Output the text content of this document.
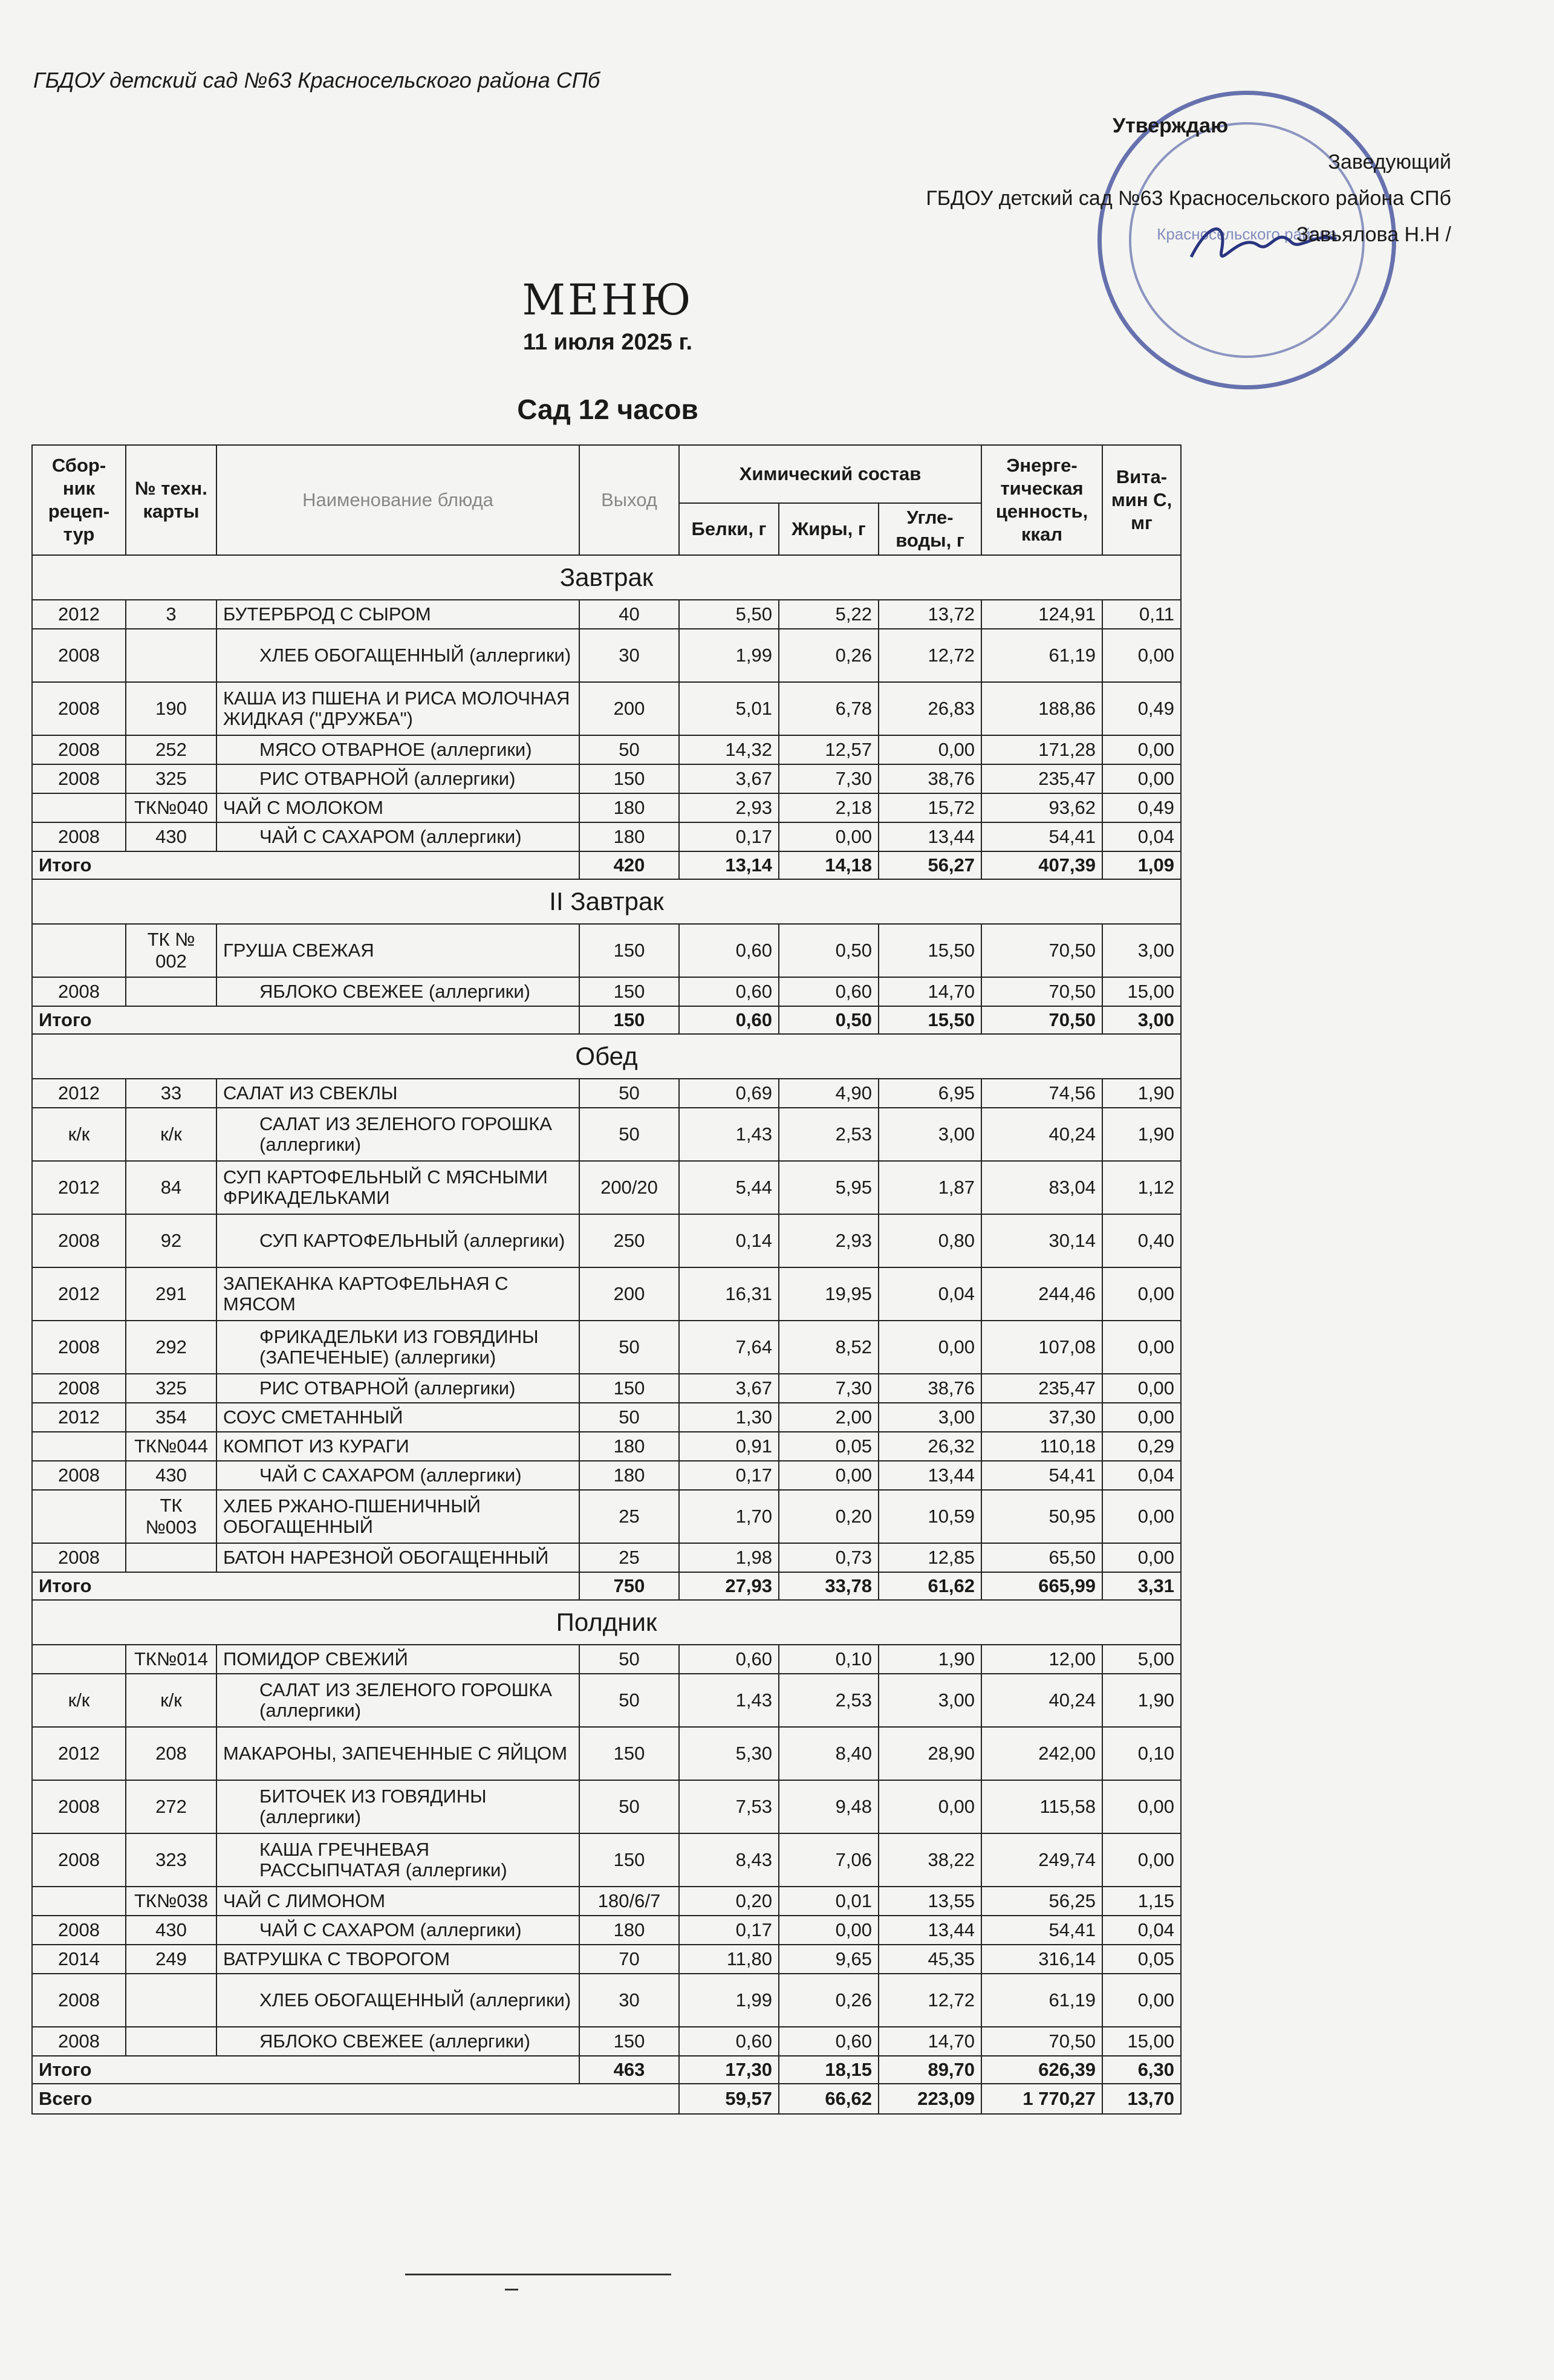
ГБДОУ детский сад №63 Красносельского района СПб
Красносельского района
Утверждаю
Заведующий
ГБДОУ детский сад №63 Красносельского района СПб
Завьялова Н.Н /
МЕНЮ
11 июля 2025 г.
Сад 12 часов
Сбор-ник рецеп-тур	№ техн. карты	Наименование блюда	Выход	Химический состав			Энерге-тическая ценность, ккал	Вита-мин С, мг
				Белки, г	Жиры, г	Угле-воды, г		
Завтрак								
2012	3	БУТЕРБРОД С СЫРОМ	40	5,50	5,22	13,72	124,91	0,11
2008		ХЛЕБ ОБОГАЩЕННЫЙ (аллергики)	30	1,99	0,26	12,72	61,19	0,00
2008	190	КАША ИЗ ПШЕНА И РИСА МОЛОЧНАЯ ЖИДКАЯ ("ДРУЖБА")	200	5,01	6,78	26,83	188,86	0,49
2008	252	МЯСО ОТВАРНОЕ (аллергики)	50	14,32	12,57	0,00	171,28	0,00
2008	325	РИС ОТВАРНОЙ (аллергики)	150	3,67	7,30	38,76	235,47	0,00
	ТК№040	ЧАЙ С МОЛОКОМ	180	2,93	2,18	15,72	93,62	0,49
2008	430	ЧАЙ С САХАРОМ (аллергики)	180	0,17	0,00	13,44	54,41	0,04
Итого			420	13,14	14,18	56,27	407,39	1,09
II Завтрак								
	ТК № 002	ГРУША СВЕЖАЯ	150	0,60	0,50	15,50	70,50	3,00
2008		ЯБЛОКО СВЕЖЕЕ (аллергики)	150	0,60	0,60	14,70	70,50	15,00
Итого			150	0,60	0,50	15,50	70,50	3,00
Обед								
2012	33	САЛАТ ИЗ СВЕКЛЫ	50	0,69	4,90	6,95	74,56	1,90
к/к	к/к	САЛАТ ИЗ ЗЕЛЕНОГО ГОРОШКА (аллергики)	50	1,43	2,53	3,00	40,24	1,90
2012	84	СУП КАРТОФЕЛЬНЫЙ С МЯСНЫМИ ФРИКАДЕЛЬКАМИ	200/20	5,44	5,95	1,87	83,04	1,12
2008	92	СУП КАРТОФЕЛЬНЫЙ (аллергики)	250	0,14	2,93	0,80	30,14	0,40
2012	291	ЗАПЕКАНКА КАРТОФЕЛЬНАЯ С МЯСОМ	200	16,31	19,95	0,04	244,46	0,00
2008	292	ФРИКАДЕЛЬКИ ИЗ ГОВЯДИНЫ (ЗАПЕЧЕНЫЕ) (аллергики)	50	7,64	8,52	0,00	107,08	0,00
2008	325	РИС ОТВАРНОЙ (аллергики)	150	3,67	7,30	38,76	235,47	0,00
2012	354	СОУС СМЕТАННЫЙ	50	1,30	2,00	3,00	37,30	0,00
	ТК№044	КОМПОТ ИЗ КУРАГИ	180	0,91	0,05	26,32	110,18	0,29
2008	430	ЧАЙ С САХАРОМ (аллергики)	180	0,17	0,00	13,44	54,41	0,04
	ТК №003	ХЛЕБ РЖАНО-ПШЕНИЧНЫЙ ОБОГАЩЕННЫЙ	25	1,70	0,20	10,59	50,95	0,00
2008		БАТОН НАРЕЗНОЙ ОБОГАЩЕННЫЙ	25	1,98	0,73	12,85	65,50	0,00
Итого			750	27,93	33,78	61,62	665,99	3,31
Полдник								
	ТК№014	ПОМИДОР СВЕЖИЙ	50	0,60	0,10	1,90	12,00	5,00
к/к	к/к	САЛАТ ИЗ ЗЕЛЕНОГО ГОРОШКА (аллергики)	50	1,43	2,53	3,00	40,24	1,90
2012	208	МАКАРОНЫ, ЗАПЕЧЕННЫЕ С ЯЙЦОМ	150	5,30	8,40	28,90	242,00	0,10
2008	272	БИТОЧЕК ИЗ ГОВЯДИНЫ (аллергики)	50	7,53	9,48	0,00	115,58	0,00
2008	323	КАША ГРЕЧНЕВАЯ РАССЫПЧАТАЯ (аллергики)	150	8,43	7,06	38,22	249,74	0,00
	ТК№038	ЧАЙ С ЛИМОНОМ	180/6/7	0,20	0,01	13,55	56,25	1,15
2008	430	ЧАЙ С САХАРОМ (аллергики)	180	0,17	0,00	13,44	54,41	0,04
2014	249	ВАТРУШКА С ТВОРОГОМ	70	11,80	9,65	45,35	316,14	0,05
2008		ХЛЕБ ОБОГАЩЕННЫЙ (аллергики)	30	1,99	0,26	12,72	61,19	0,00
2008		ЯБЛОКО СВЕЖЕЕ (аллергики)	150	0,60	0,60	14,70	70,50	15,00
Итого			463	17,30	18,15	89,70	626,39	6,30
Всего				59,57	66,62	223,09	1 770,27	13,70
